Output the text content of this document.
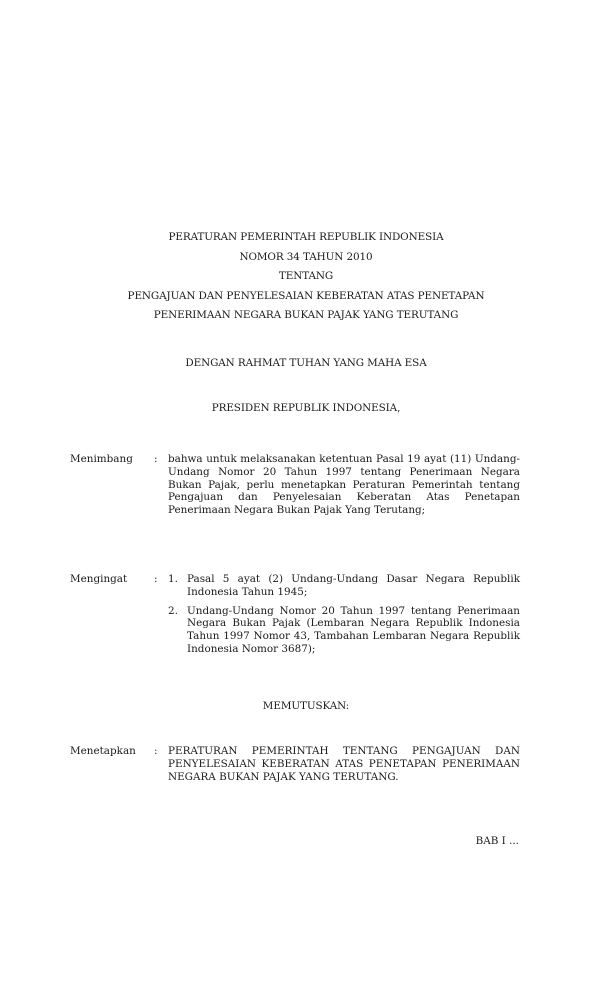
PERATURAN PEMERINTAH REPUBLIK INDONESIA
NOMOR 34 TAHUN 2010
TENTANG
PENGAJUAN DAN PENYELESAIAN KEBERATAN ATAS PENETAPAN
PENERIMAAN NEGARA BUKAN PAJAK YANG TERUTANG
DENGAN RAHMAT TUHAN YANG MAHA ESA
PRESIDEN REPUBLIK INDONESIA,
Menimbang	:	bahwa untuk melaksanakan ketentuan Pasal 19 ayat (11) Undang-Undang Nomor 20 Tahun 1997 tentang Penerimaan Negara Bukan Pajak, perlu menetapkan Peraturan Pemerintah tentang Pengajuan dan Penyelesaian Keberatan Atas Penetapan Penerimaan Negara Bukan Pajak Yang Terutang;
Mengingat	:	1. Pasal 5 ayat (2) Undang-Undang Dasar Negara Republik Indonesia Tahun 1945;
2. Undang-Undang Nomor 20 Tahun 1997 tentang Penerimaan Negara Bukan Pajak (Lembaran Negara Republik Indonesia Tahun 1997 Nomor 43, Tambahan Lembaran Negara Republik Indonesia Nomor 3687);
MEMUTUSKAN:
Menetapkan	:	PERATURAN PEMERINTAH TENTANG PENGAJUAN DAN PENYELESAIAN KEBERATAN ATAS PENETAPAN PENERIMAAN NEGARA BUKAN PAJAK YANG TERUTANG.
BAB I ...
